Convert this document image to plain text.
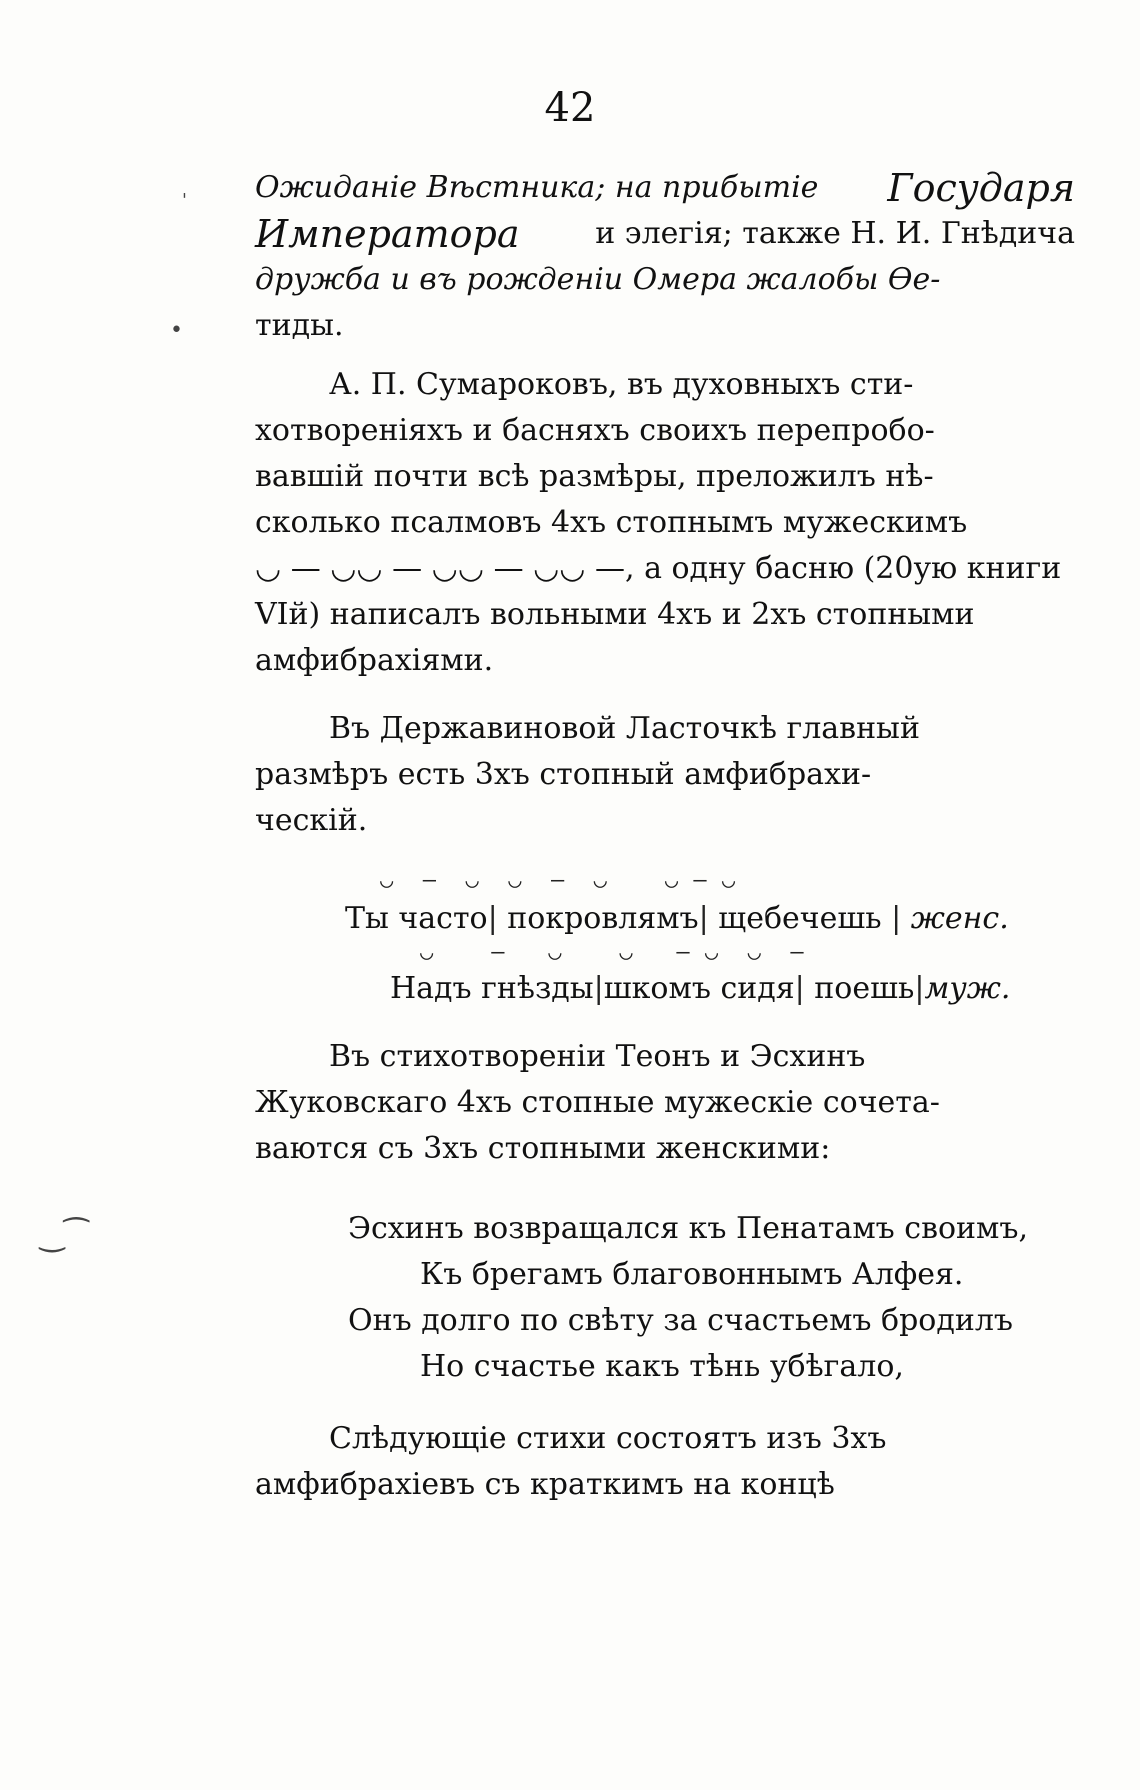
42
'
•
‿⁀
Ожиданіе Вѣстника; на прибытіе Государя
Императора	и элегія; также Н. И. Гнѣдича
дружба и въ рожденіи Омера жалобы Ѳе-
тиды.
А. П. Сумароковъ, въ духовныхъ сти-
хотвореніяхъ и басняхъ своихъ перепробо-
вавшій почти всѣ размѣры, преложилъ нѣ-
сколько псалмовъ 4хъ стопнымъ мужескимъ
◡ — ◡◡ — ◡◡ — ◡◡ —, а одну басню (20ую книги
VIй) написалъ вольными 4хъ и 2хъ стопными
амфибрахіями.
Въ Державиновой Ласточкѣ главный
размѣръ есть 3хъ стопный амфибрахи-
ческій.
◡  —  ◡  ◡  —  ◡    ◡ — ◡
Ты часто| покровлямъ| щебечешь | женс.
◡    —   ◡    ◡   — ◡  ◡  —
Надъ гнѣзды|шкомъ сидя| поешь|муж.
Въ стихотвореніи Теонъ и Эсхинъ
Жуковскаго 4хъ стопные мужескіе сочета-
ваются съ 3хъ стопными женскими:
Эсхинъ возвращался къ Пенатамъ своимъ,
Къ брегамъ благовоннымъ Алфея.
Онъ долго по свѣту за счастьемъ бродилъ
Но счастье какъ тѣнь убѣгало,
Слѣдующіе стихи состоятъ изъ 3хъ
амфибрахіевъ съ краткимъ на концѣ
